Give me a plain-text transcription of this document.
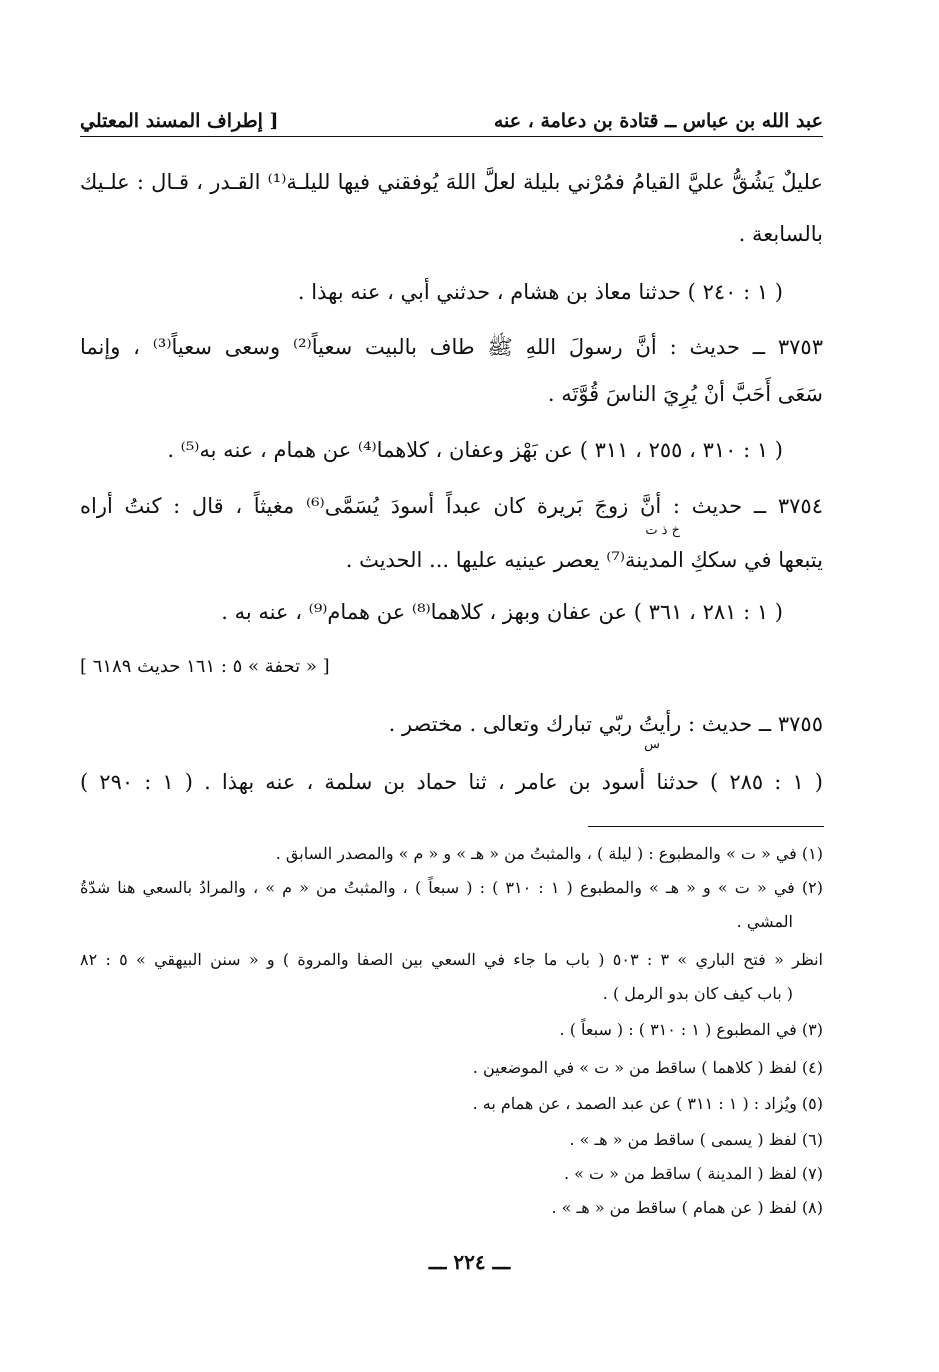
عبد الله بن عباس ــ قتادة بن دعامة ، عنه
[ إطراف المسند المعتلي
عليلٌ يَشُقُّ عليَّ القيامُ فمُرْني بليلة لعلَّ اللهَ يُوفقني فيها لليلـة⁽¹⁾ القـدر ، قـال : علـيك
بالسابعة .
( ١ : ٢٤٠ ) حدثنا معاذ بن هشام ، حدثني أبي ، عنه بهذا .
٣٧٥٣ ــ حديث : أنَّ رسولَ اللهِ ﷺ طاف بالبيت سعياً⁽²⁾ وسعى سعياً⁽³⁾ ، وإنما
سَعَى أَحَبَّ أنْ يُرِيَ الناسَ قُوَّتَه .
( ١ : ٣١٠ ، ٢٥٥ ، ٣١١ ) عن بَهْز وعفان ، كلاهما⁽⁴⁾ عن همام ، عنه به⁽⁵⁾ .
٣٧٥٤ ــ حديث : أنَّ زوجَ بَريرة كان عبداً أسودَ يُسَمَّى⁽⁶⁾ مغيثاً ، قال : كنتُ أراه
خ ذ ت
يتبعها في سككِ المدينة⁽⁷⁾ يعصر عينيه عليها ... الحديث .
( ١ : ٢٨١ ، ٣٦١ ) عن عفان وبهز ، كلاهما⁽⁸⁾ عن همام⁽⁹⁾ ، عنه به .
[ « تحفة » ٥ : ١٦١ حديث ٦١٨٩ ]
٣٧٥٥ ــ حديث : رأيتُ ربّي تبارك وتعالى . مختصر .
س
( ١ : ٢٨٥ ) حدثنا أسود بن عامر ، ثنا حماد بن سلمة ، عنه بهذا . ( ١ : ٢٩٠ )
(١) في « ت » والمطبوع : ( ليلة ) ، والمثبتُ من « هـ » و « م » والمصدر السابق .
(٢) في « ت » و « هـ » والمطبوع ( ١ : ٣١٠ ) : ( سبعاً ) ، والمثبتُ من « م » ، والمرادُ بالسعي هنا شدّةُ
المشي .
انظر « فتح الباري » ٣ : ٥٠٣ ( باب ما جاء في السعي بين الصفا والمروة ) و « سنن البيهقي » ٥ : ٨٢
( باب كيف كان بدو الرمل ) .
(٣) في المطبوع ( ١ : ٣١٠ ) : ( سبعاً ) .
(٤) لفظ ( كلاهما ) ساقط من « ت » في الموضعين .
(٥) ويُزاد : ( ١ : ٣١١ ) عن عبد الصمد ، عن همام به .
(٦) لفظ ( يسمى ) ساقط من « هـ » .
(٧) لفظ ( المدينة ) ساقط من « ت » .
(٨) لفظ ( عن همام ) ساقط من « هـ » .
ـــ ٢٢٤ ـــ
